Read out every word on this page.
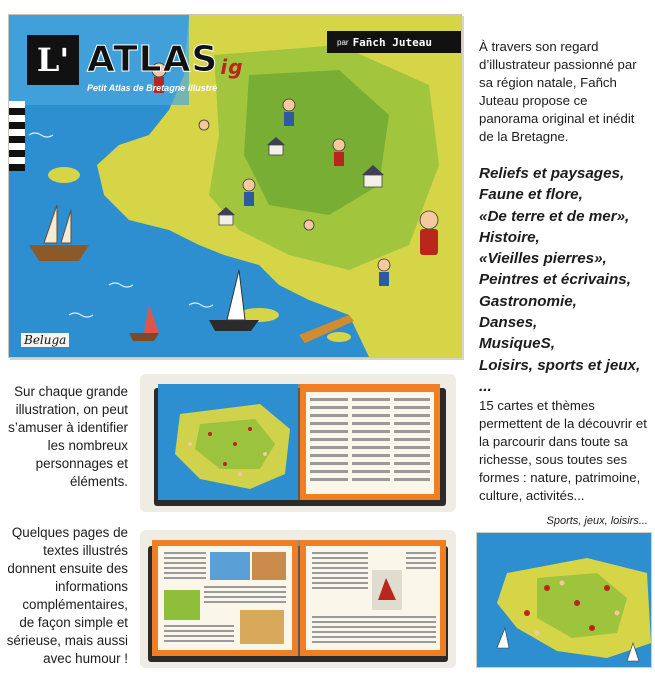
L' ATLAS ig
Petit Atlas de Bretagne illustré
par Fañch Juteau
Beluga
À travers son regard d’illustrateur passionné par sa région natale, Fañch Juteau propose ce panorama original et inédit de la Bretagne.
Reliefs et paysages,
Faune et flore,
«De terre et de mer»,
Histoire,
«Vieilles pierres»,
Peintres et écrivains,
Gastronomie,
Danses,
MusiqueS,
Loisirs, sports et jeux,
...
15 cartes et thèmes permettent de la découvrir et la parcourir dans toute sa richesse, sous toutes ses formes : nature, patrimoine, culture, activités...
Sur chaque grande illustration, on peut s’amuser à identifier les nombreux personnages et éléments.
Quelques pages de textes illustrés donnent ensuite des informations complémentaires, de façon simple et sérieuse, mais aussi avec humour !
Sports, jeux, loisirs...
